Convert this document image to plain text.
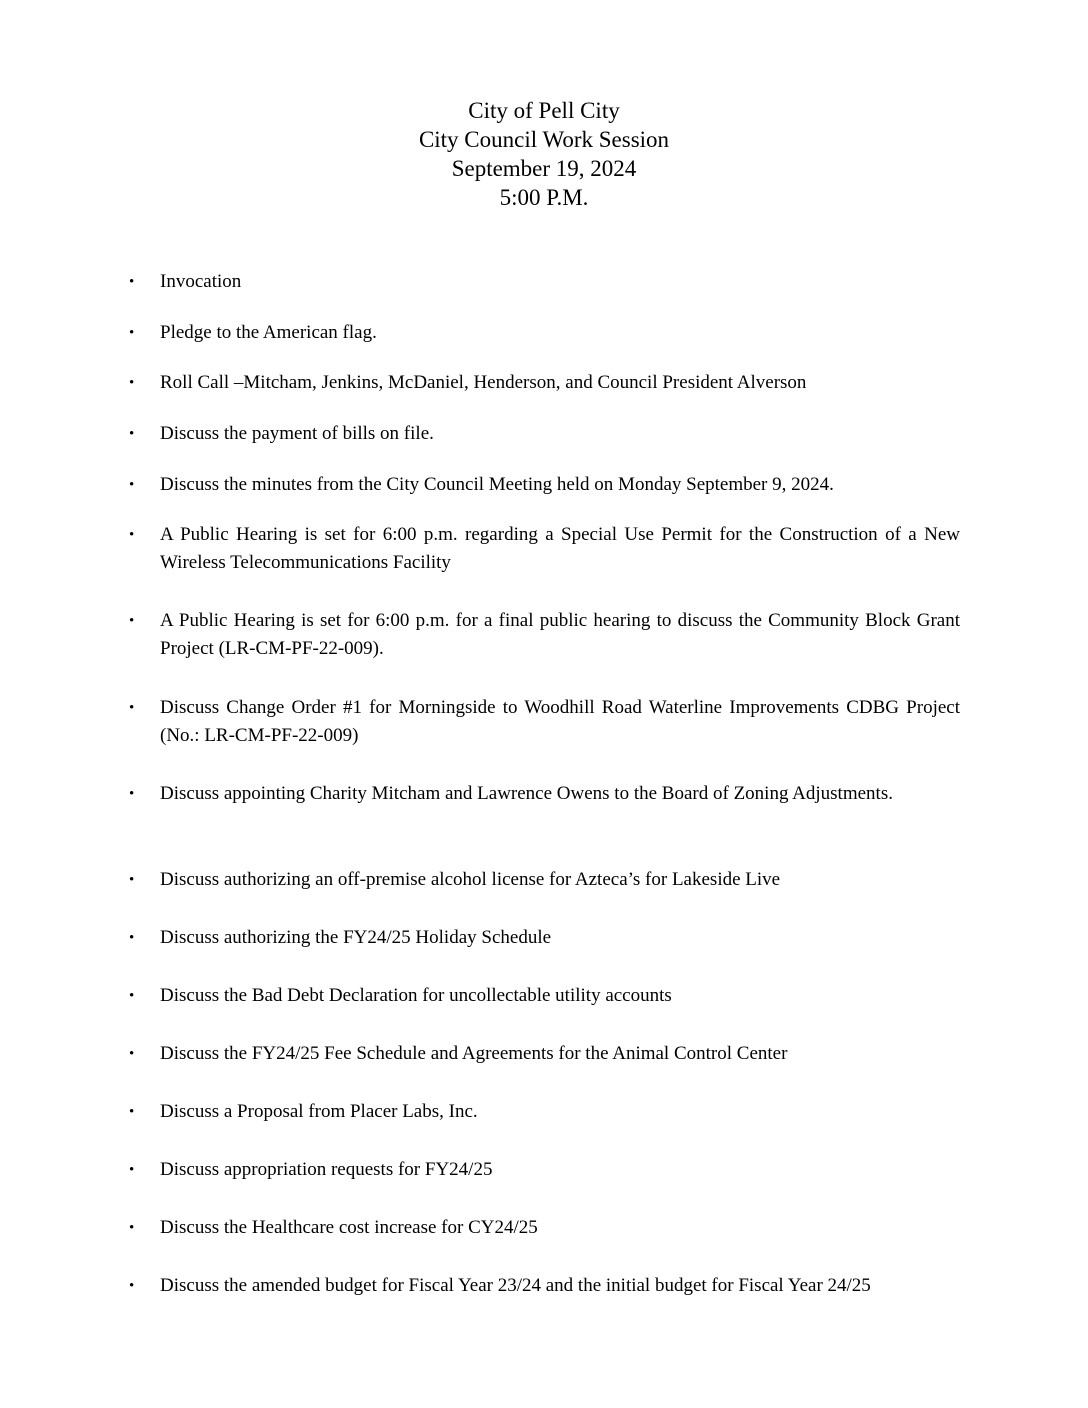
City of Pell City
City Council Work Session
September 19, 2024
5:00 P.M.
• Invocation
• Pledge to the American flag.
• Roll Call –Mitcham, Jenkins, McDaniel, Henderson, and Council President Alverson
• Discuss the payment of bills on file.
• Discuss the minutes from the City Council Meeting held on Monday September 9, 2024.
• A Public Hearing is set for 6:00 p.m. regarding a Special Use Permit for the Construction of a New Wireless Telecommunications Facility
• A Public Hearing is set for 6:00 p.m. for a final public hearing to discuss the Community Block Grant Project (LR-CM-PF-22-009).
• Discuss Change Order #1 for Morningside to Woodhill Road Waterline Improvements CDBG Project (No.: LR-CM-PF-22-009)
• Discuss appointing Charity Mitcham and Lawrence Owens to the Board of Zoning Adjustments.
• Discuss authorizing an off-premise alcohol license for Azteca’s for Lakeside Live
• Discuss authorizing the FY24/25 Holiday Schedule
• Discuss the Bad Debt Declaration for uncollectable utility accounts
• Discuss the FY24/25 Fee Schedule and Agreements for the Animal Control Center
• Discuss a Proposal from Placer Labs, Inc.
• Discuss appropriation requests for FY24/25
• Discuss the Healthcare cost increase for CY24/25
• Discuss the amended budget for Fiscal Year 23/24 and the initial budget for Fiscal Year 24/25
